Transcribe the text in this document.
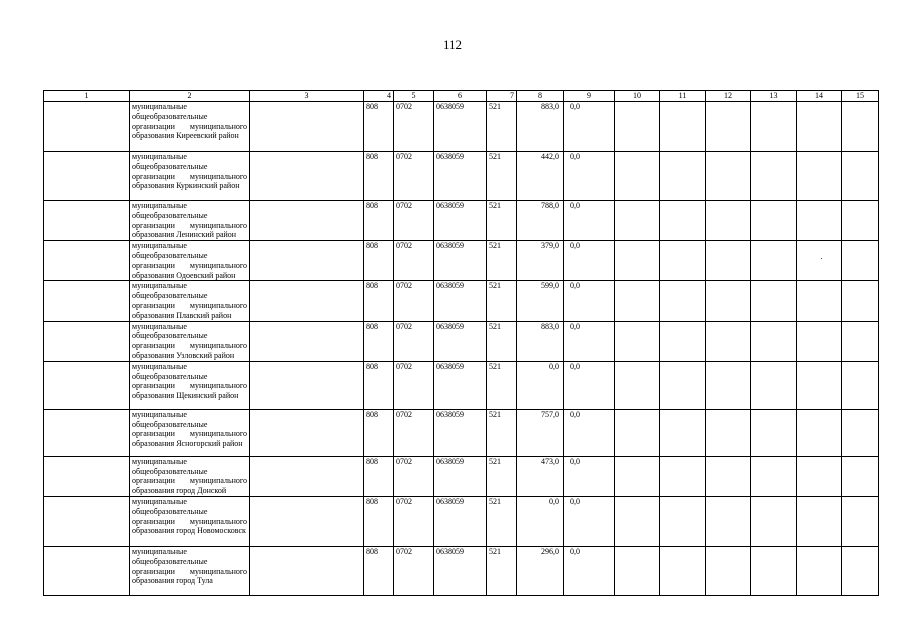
112
1	2	3	4	5	6	7	8	9	10	11	12	13	14	15
	муниципальные общеобразовательные организации муниципального образования Киреевский район		808	0702	0638059	521	883,0	0,0						
	муниципальные общеобразовательные организации муниципального образования Куркинский район		808	0702	0638059	521	442,0	0,0						
	муниципальные общеобразовательные организации муниципального образования Ленинский район		808	0702	0638059	521	788,0	0,0						
	муниципальные общеобразовательные организации муниципального образования Одоевский район		808	0702	0638059	521	379,0	0,0						
	муниципальные общеобразовательные организации муниципального образования Плавский район		808	0702	0638059	521	599,0	0,0						
	муниципальные общеобразовательные организации муниципального образования Узловский район		808	0702	0638059	521	883,0	0,0						
	муниципальные общеобразовательные организации муниципального образования Щекинский район		808	0702	0638059	521	0,0	0,0						
	муниципальные общеобразовательные организации муниципального образования Ясногорский район		808	0702	0638059	521	757,0	0,0						
	муниципальные общеобразовательные организации муниципального образования город Донской		808	0702	0638059	521	473,0	0,0						
	муниципальные общеобразовательные организации муниципального образования город Новомосковск		808	0702	0638059	521	0,0	0,0						
	муниципальные общеобразовательные организации муниципального образования город Тула		808	0702	0638059	521	296,0	0,0						
